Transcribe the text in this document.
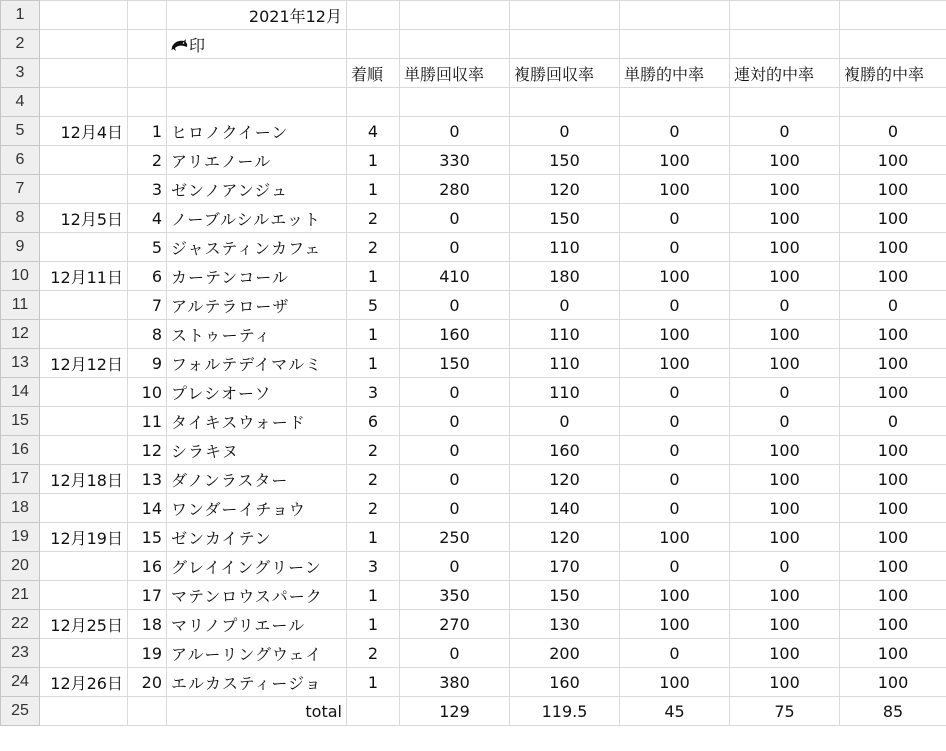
1			2021年12月						
2			印						
3				着順	単勝回収率	複勝回収率	単勝的中率	連対的中率	複勝的中率
4									
5	12月4日	1	ヒロノクイーン	4	0	0	0	0	0
6		2	アリエノール	1	330	150	100	100	100
7		3	ゼンノアンジュ	1	280	120	100	100	100
8	12月5日	4	ノーブルシルエット	2	0	150	0	100	100
9		5	ジャスティンカフェ	2	0	110	0	100	100
10	12月11日	6	カーテンコール	1	410	180	100	100	100
11		7	アルテラローザ	5	0	0	0	0	0
12		8	ストゥーティ	1	160	110	100	100	100
13	12月12日	9	フォルテデイマルミ	1	150	110	100	100	100
14		10	プレシオーソ	3	0	110	0	0	100
15		11	タイキスウォード	6	0	0	0	0	0
16		12	シラキヌ	2	0	160	0	100	100
17	12月18日	13	ダノンラスター	2	0	120	0	100	100
18		14	ワンダーイチョウ	2	0	140	0	100	100
19	12月19日	15	ゼンカイテン	1	250	120	100	100	100
20		16	グレイイングリーン	3	0	170	0	0	100
21		17	マテンロウスパーク	1	350	150	100	100	100
22	12月25日	18	マリノプリエール	1	270	130	100	100	100
23		19	アルーリングウェイ	2	0	200	0	100	100
24	12月26日	20	エルカスティージョ	1	380	160	100	100	100
25			total		129	119.5	45	75	85
